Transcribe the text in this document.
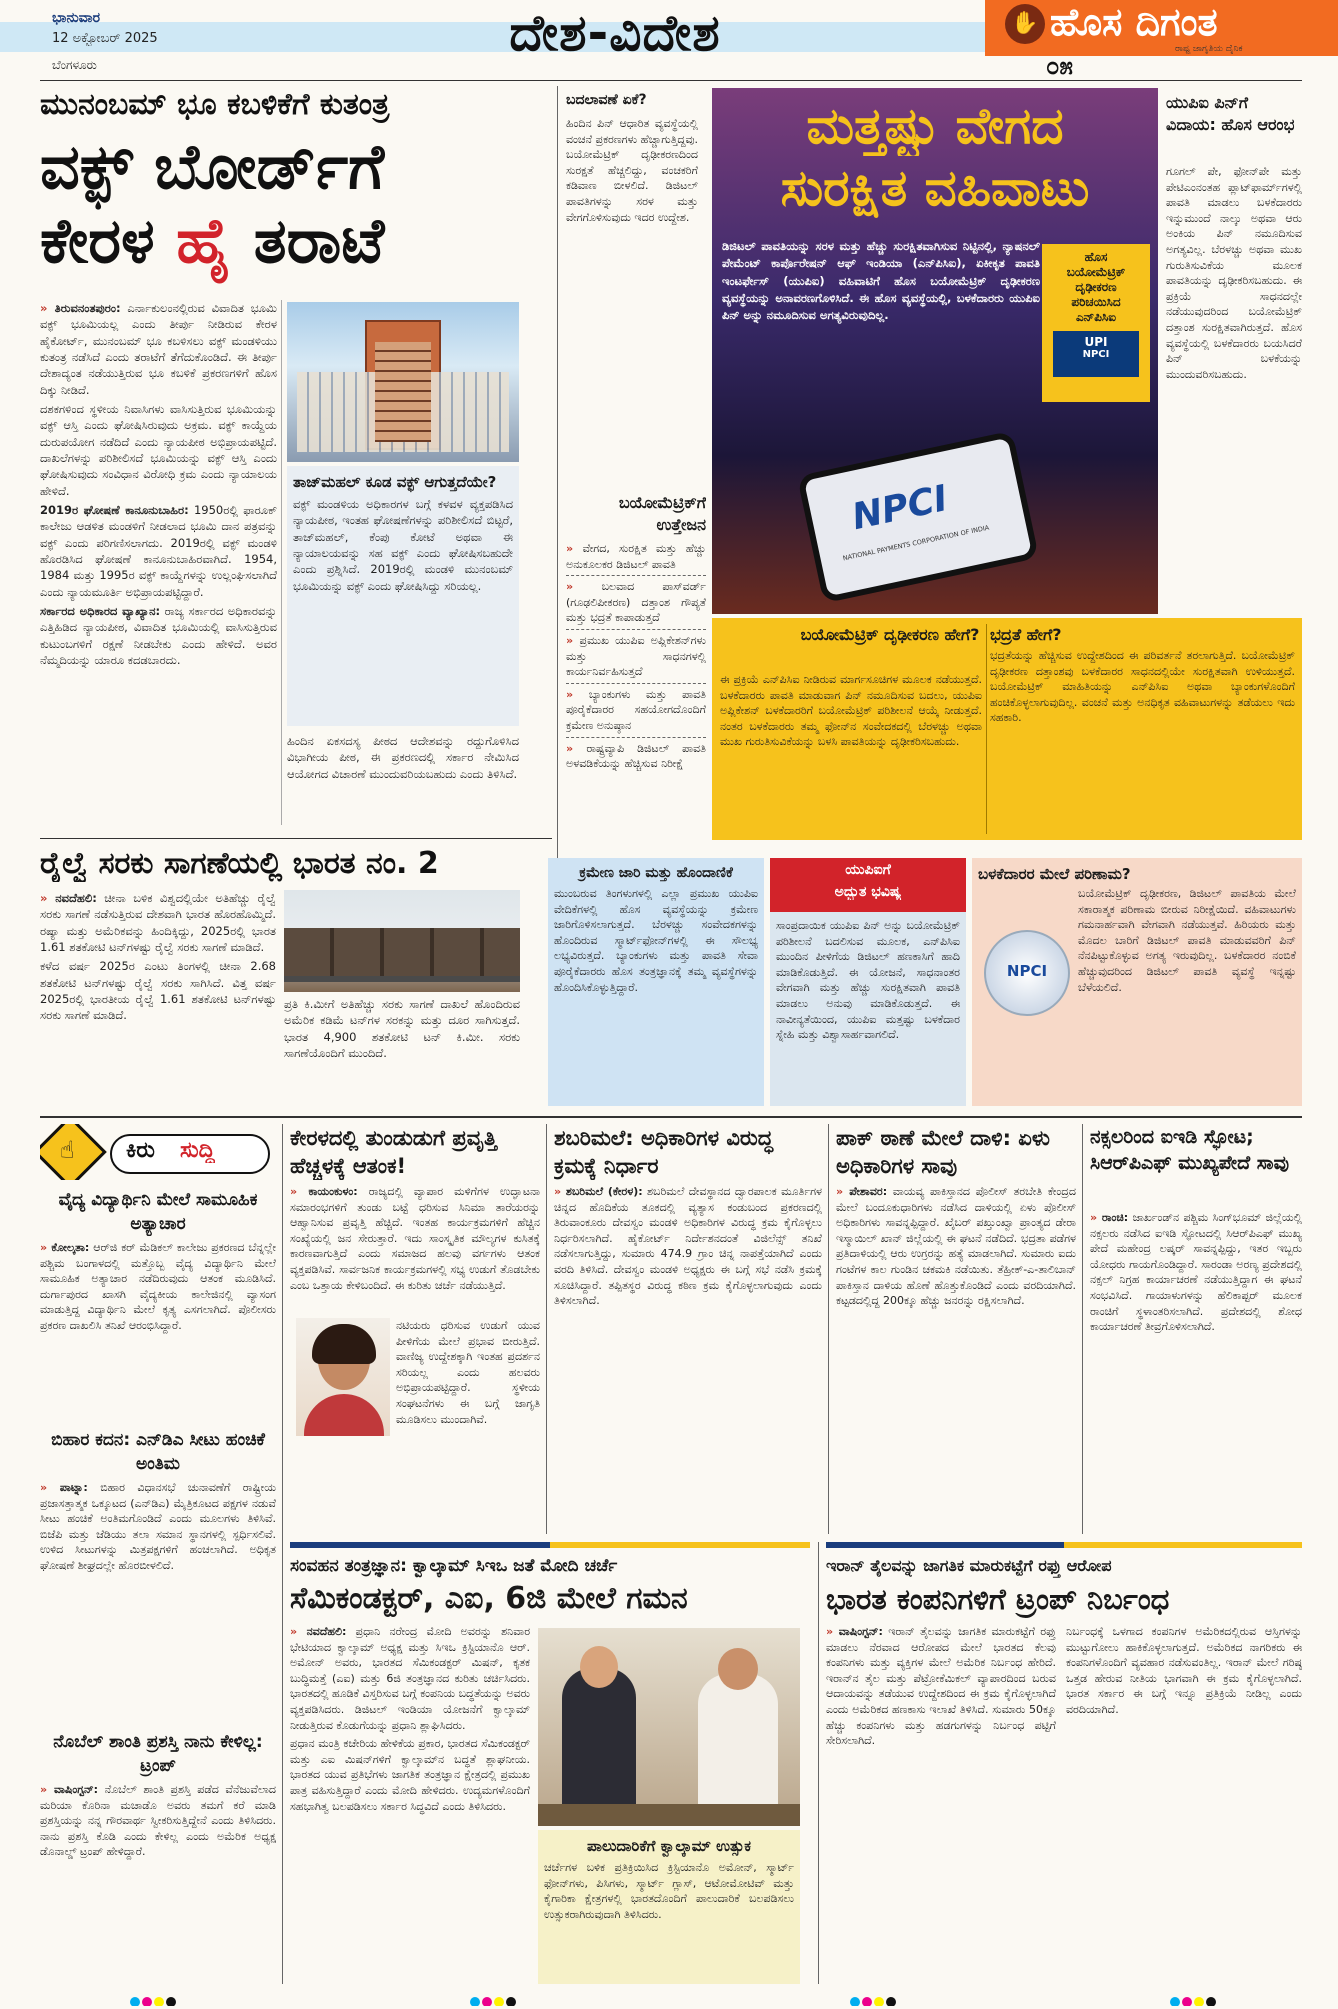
ಭಾನುವಾರ
12 ಅಕ್ಟೋಬರ್ 2025
ಬೆಂಗಳೂರು
ದೇಶ-ವಿದೇಶ	✋ ಹೊಸ ದಿಗಂತ
ರಾಷ್ಟ್ರ ಜಾಗೃತಿಯ ದೈನಿಕ
೦೫
ಮುನಂಬಮ್ ಭೂ ಕಬಳಿಕೆಗೆ ಕುತಂತ್ರ
ವಕ್ಫ್ ಬೋರ್ಡ್‌ಗೆ
ಕೇರಳ ಹೈ ತರಾಟೆ

» ತಿರುವನಂತಪುರಂ: ಎರ್ನಾಕುಲಂನಲ್ಲಿರುವ ವಿವಾದಿತ ಭೂಮಿ ವಕ್ಫ್ ಭೂಮಿಯಲ್ಲ ಎಂದು ತೀರ್ಪು ನೀಡಿರುವ ಕೇರಳ ಹೈಕೋರ್ಟ್, ಮುನಂಬಮ್ ಭೂ ಕಬಳಿಸಲು ವಕ್ಫ್ ಮಂಡಳಿಯು ಕುತಂತ್ರ ನಡೆಸಿದೆ ಎಂದು ತರಾಟೆಗೆ ತೆಗೆದುಕೊಂಡಿದೆ. ಈ ತೀರ್ಪು ದೇಶಾದ್ಯಂತ ನಡೆಯುತ್ತಿರುವ ಭೂ ಕಬಳಿಕೆ ಪ್ರಕರಣಗಳಿಗೆ ಹೊಸ ದಿಕ್ಕು ನೀಡಿದೆ.

ದಶಕಗಳಿಂದ ಸ್ಥಳೀಯ ನಿವಾಸಿಗಳು ವಾಸಿಸುತ್ತಿರುವ ಭೂಮಿಯನ್ನು ವಕ್ಫ್ ಆಸ್ತಿ ಎಂದು ಘೋಷಿಸಿರುವುದು ಅಕ್ರಮ. ವಕ್ಫ್ ಕಾಯ್ದೆಯ ದುರುಪಯೋಗ ನಡೆದಿದೆ ಎಂದು ನ್ಯಾಯಪೀಠ ಅಭಿಪ್ರಾಯಪಟ್ಟಿದೆ. ದಾಖಲೆಗಳನ್ನು ಪರಿಶೀಲಿಸದೆ ಭೂಮಿಯನ್ನು ವಕ್ಫ್ ಆಸ್ತಿ ಎಂದು ಘೋಷಿಸುವುದು ಸಂವಿಧಾನ ವಿರೋಧಿ ಕ್ರಮ ಎಂದು ನ್ಯಾಯಾಲಯ ಹೇಳಿದೆ.

2019ರ ಘೋಷಣೆ ಕಾನೂನುಬಾಹಿರ: 1950ರಲ್ಲಿ ಫಾರೂಕ್ ಕಾಲೇಜು ಆಡಳಿತ ಮಂಡಳಿಗೆ ನೀಡಲಾದ ಭೂಮಿ ದಾನ ಪತ್ರವನ್ನು ವಕ್ಫ್ ಎಂದು ಪರಿಗಣಿಸಲಾಗದು. 2019ರಲ್ಲಿ ವಕ್ಫ್ ಮಂಡಳಿ ಹೊರಡಿಸಿದ ಘೋಷಣೆ ಕಾನೂನುಬಾಹಿರವಾಗಿದೆ. 1954, 1984 ಮತ್ತು 1995ರ ವಕ್ಫ್ ಕಾಯ್ದೆಗಳನ್ನು ಉಲ್ಲಂಘಿಸಲಾಗಿದೆ ಎಂದು ನ್ಯಾಯಮೂರ್ತಿ ಅಭಿಪ್ರಾಯಪಟ್ಟಿದ್ದಾರೆ.

ಸರ್ಕಾರದ ಅಧಿಕಾರದ ವ್ಯಾಖ್ಯಾನ: ರಾಜ್ಯ ಸರ್ಕಾರದ ಅಧಿಕಾರವನ್ನು ಎತ್ತಿಹಿಡಿದ ನ್ಯಾಯಪೀಠ, ವಿವಾದಿತ ಭೂಮಿಯಲ್ಲಿ ವಾಸಿಸುತ್ತಿರುವ ಕುಟುಂಬಗಳಿಗೆ ರಕ್ಷಣೆ ನೀಡಬೇಕು ಎಂದು ಹೇಳಿದೆ. ಅವರ ನೆಮ್ಮದಿಯನ್ನು ಯಾರೂ ಕದಡಬಾರದು.

ತಾಜ್‌ಮಹಲ್ ಕೂಡ ವಕ್ಫ್ ಆಗುತ್ತದೆಯೇ?
ವಕ್ಫ್ ಮಂಡಳಿಯ ಅಧಿಕಾರಗಳ ಬಗ್ಗೆ ಕಳವಳ ವ್ಯಕ್ತಪಡಿಸಿದ ನ್ಯಾಯಪೀಠ, ಇಂತಹ ಘೋಷಣೆಗಳನ್ನು ಪರಿಶೀಲಿಸದೆ ಬಿಟ್ಟರೆ, ತಾಜ್‌ಮಹಲ್, ಕೆಂಪು ಕೋಟೆ ಅಥವಾ ಈ ನ್ಯಾಯಾಲಯವನ್ನು ಸಹ ವಕ್ಫ್ ಎಂದು ಘೋಷಿಸಬಹುದೇ ಎಂದು ಪ್ರಶ್ನಿಸಿದೆ. 2019ರಲ್ಲಿ ಮಂಡಳಿ ಮುನಂಬಮ್ ಭೂಮಿಯನ್ನು ವಕ್ಫ್ ಎಂದು ಘೋಷಿಸಿದ್ದು ಸರಿಯಲ್ಲ.
ಹಿಂದಿನ ಏಕಸದಸ್ಯ ಪೀಠದ ಆದೇಶವನ್ನು ರದ್ದುಗೊಳಿಸಿದ ವಿಭಾಗೀಯ ಪೀಠ, ಈ ಪ್ರಕರಣದಲ್ಲಿ ಸರ್ಕಾರ ನೇಮಿಸಿದ ಆಯೋಗದ ವಿಚಾರಣೆ ಮುಂದುವರಿಯಬಹುದು ಎಂದು ತಿಳಿಸಿದೆ.
ರೈಲ್ವೆ ಸರಕು ಸಾಗಣೆಯಲ್ಲಿ ಭಾರತ ನಂ. 2

» ನವದೆಹಲಿ: ಚೀನಾ ಬಳಿಕ ವಿಶ್ವದಲ್ಲಿಯೇ ಅತಿಹೆಚ್ಚು ರೈಲ್ವೆ ಸರಕು ಸಾಗಣೆ ನಡೆಸುತ್ತಿರುವ ದೇಶವಾಗಿ ಭಾರತ ಹೊರಹೊಮ್ಮಿದೆ. ರಷ್ಯಾ ಮತ್ತು ಅಮೆರಿಕವನ್ನು ಹಿಂದಿಕ್ಕಿದ್ದು, 2025ರಲ್ಲಿ ಭಾರತ 1.61 ಶತಕೋಟಿ ಟನ್‌ಗಳಷ್ಟು ರೈಲ್ವೆ ಸರಕು ಸಾಗಣೆ ಮಾಡಿದೆ.

ಕಳೆದ ವರ್ಷ 2025ರ ಎಂಟು ತಿಂಗಳಲ್ಲಿ ಚೀನಾ 2.68 ಶತಕೋಟಿ ಟನ್‌ಗಳಷ್ಟು ರೈಲ್ವೆ ಸರಕು ಸಾಗಿಸಿದೆ. ವಿತ್ತ ವರ್ಷ 2025ರಲ್ಲಿ ಭಾರತೀಯ ರೈಲ್ವೆ 1.61 ಶತಕೋಟಿ ಟನ್‌ಗಳಷ್ಟು ಸರಕು ಸಾಗಣೆ ಮಾಡಿದೆ.

ಪ್ರತಿ ಕಿ.ಮೀಗೆ ಅತಿಹೆಚ್ಚು ಸರಕು ಸಾಗಣೆ ದಾಖಲೆ ಹೊಂದಿರುವ ಅಮೆರಿಕ ಕಡಿಮೆ ಟನ್‌ಗಳ ಸರಕನ್ನು ಮತ್ತು ದೂರ ಸಾಗಿಸುತ್ತದೆ. ಭಾರತ 4,900 ಶತಕೋಟಿ ಟನ್ ಕಿ.ಮೀ. ಸರಕು ಸಾಗಣೆಯೊಂದಿಗೆ ಮುಂದಿದೆ.
ಬದಲಾವಣೆ ಏಕೆ?
ಹಿಂದಿನ ಪಿನ್ ಆಧಾರಿತ ವ್ಯವಸ್ಥೆಯಲ್ಲಿ ವಂಚನೆ ಪ್ರಕರಣಗಳು ಹೆಚ್ಚಾಗುತ್ತಿದ್ದವು. ಬಯೋಮೆಟ್ರಿಕ್ ದೃಢೀಕರಣದಿಂದ ಸುರಕ್ಷತೆ ಹೆಚ್ಚಲಿದ್ದು, ವಂಚಕರಿಗೆ ಕಡಿವಾಣ ಬೀಳಲಿದೆ. ಡಿಜಿಟಲ್ ಪಾವತಿಗಳನ್ನು ಸರಳ ಮತ್ತು ವೇಗಗೊಳಿಸುವುದು ಇದರ ಉದ್ದೇಶ.
ಮತ್ತಷ್ಟು ವೇಗದ
ಸುರಕ್ಷಿತ ವಹಿವಾಟು
ಡಿಜಿಟಲ್ ಪಾವತಿಯನ್ನು ಸರಳ ಮತ್ತು ಹೆಚ್ಚು ಸುರಕ್ಷಿತವಾಗಿಸುವ ನಿಟ್ಟಿನಲ್ಲಿ, ನ್ಯಾಷನಲ್ ಪೇಮೆಂಟ್ ಕಾರ್ಪೊರೇಷನ್ ಆಫ್ ಇಂಡಿಯಾ (ಎನ್‌ಪಿಸಿಐ), ಏಕೀಕೃತ ಪಾವತಿ ಇಂಟರ್ಫೇಸ್ (ಯುಪಿಐ) ವಹಿವಾಟಿಗೆ ಹೊಸ ಬಯೋಮೆಟ್ರಿಕ್ ದೃಢೀಕರಣ ವ್ಯವಸ್ಥೆಯನ್ನು ಅನಾವರಣಗೊಳಿಸಿದೆ. ಈ ಹೊಸ ವ್ಯವಸ್ಥೆಯಲ್ಲಿ, ಬಳಕೆದಾರರು ಯುಪಿಐ ಪಿನ್ ಅನ್ನು ನಮೂದಿಸುವ ಅಗತ್ಯವಿರುವುದಿಲ್ಲ.
ಹೊಸ
ಬಯೋಮೆಟ್ರಿಕ್
ದೃಢೀಕರಣ
ಪರಿಚಯಿಸಿದ
ಎನ್‌ಪಿಸಿಐ
UPI
NPCI
NPCI
NATIONAL PAYMENTS CORPORATION OF INDIA
ಯುಪಿಐ ಪಿನ್‌ಗೆ ವಿದಾಯ: ಹೊಸ ಆರಂಭ
ಗೂಗಲ್ ಪೇ, ಫೋನ್‌ಪೇ ಮತ್ತು ಪೇಟಿಎಂನಂತಹ ಪ್ಲಾಟ್‌ಫಾರ್ಮ್‌ಗಳಲ್ಲಿ ಪಾವತಿ ಮಾಡಲು ಬಳಕೆದಾರರು ಇನ್ನುಮುಂದೆ ನಾಲ್ಕು ಅಥವಾ ಆರು ಅಂಕಿಯ ಪಿನ್ ನಮೂದಿಸುವ ಅಗತ್ಯವಿಲ್ಲ. ಬೆರಳಚ್ಚು ಅಥವಾ ಮುಖ ಗುರುತಿಸುವಿಕೆಯ ಮೂಲಕ ಪಾವತಿಯನ್ನು ದೃಢೀಕರಿಸಬಹುದು. ಈ ಪ್ರಕ್ರಿಯೆ ಸಾಧನದಲ್ಲೇ ನಡೆಯುವುದರಿಂದ ಬಯೋಮೆಟ್ರಿಕ್ ದತ್ತಾಂಶ ಸುರಕ್ಷಿತವಾಗಿರುತ್ತದೆ. ಹೊಸ ವ್ಯವಸ್ಥೆಯಲ್ಲಿ ಬಳಕೆದಾರರು ಬಯಸಿದರೆ ಪಿನ್ ಬಳಕೆಯನ್ನು ಮುಂದುವರಿಸಬಹುದು.
ಬಯೋಮೆಟ್ರಿಕ್‌ಗೆ ಉತ್ತೇಜನ
» ವೇಗದ, ಸುರಕ್ಷಿತ ಮತ್ತು ಹೆಚ್ಚು ಅನುಕೂಲಕರ ಡಿಜಿಟಲ್ ಪಾವತಿ
» ಬಲವಾದ ಪಾಸ್‌ವರ್ಡ್ (ಗೂಢಲಿಪೀಕರಣ) ದತ್ತಾಂಶ ಗೌಪ್ಯತೆ ಮತ್ತು ಭದ್ರತೆ ಕಾಪಾಡುತ್ತದೆ
» ಪ್ರಮುಖ ಯುಪಿಐ ಅಪ್ಲಿಕೇಶನ್‌ಗಳು ಮತ್ತು ಸಾಧನಗಳಲ್ಲಿ ಕಾರ್ಯನಿರ್ವಹಿಸುತ್ತದೆ
» ಬ್ಯಾಂಕುಗಳು ಮತ್ತು ಪಾವತಿ ಪೂರೈಕೆದಾರರ ಸಹಯೋಗದೊಂದಿಗೆ ಕ್ರಮೇಣ ಅನುಷ್ಠಾನ
» ರಾಷ್ಟ್ರವ್ಯಾಪಿ ಡಿಜಿಟಲ್ ಪಾವತಿ ಅಳವಡಿಕೆಯನ್ನು ಹೆಚ್ಚಿಸುವ ನಿರೀಕ್ಷೆ
ಬಯೋಮೆಟ್ರಿಕ್ ದೃಢೀಕರಣ ಹೇಗೆ?
ಈ ಪ್ರಕ್ರಿಯೆ ಎನ್‌ಪಿಸಿಐ ನೀಡಿರುವ ಮಾರ್ಗಸೂಚಿಗಳ ಮೂಲಕ ನಡೆಯುತ್ತದೆ. ಬಳಕೆದಾರರು ಪಾವತಿ ಮಾಡುವಾಗ ಪಿನ್ ನಮೂದಿಸುವ ಬದಲು, ಯುಪಿಐ ಅಪ್ಲಿಕೇಶನ್ ಬಳಕೆದಾರರಿಗೆ ಬಯೋಮೆಟ್ರಿಕ್ ಪರಿಶೀಲನೆ ಆಯ್ಕೆ ನೀಡುತ್ತದೆ. ನಂತರ ಬಳಕೆದಾರರು ತಮ್ಮ ಫೋನ್‌ನ ಸಂವೇದಕದಲ್ಲಿ ಬೆರಳಚ್ಚು ಅಥವಾ ಮುಖ ಗುರುತಿಸುವಿಕೆಯನ್ನು ಬಳಸಿ ಪಾವತಿಯನ್ನು ದೃಢೀಕರಿಸಬಹುದು.
ಭದ್ರತೆ ಹೇಗೆ?
ಭದ್ರತೆಯನ್ನು ಹೆಚ್ಚಿಸುವ ಉದ್ದೇಶದಿಂದ ಈ ಪರಿವರ್ತನೆ ತರಲಾಗುತ್ತಿದೆ. ಬಯೋಮೆಟ್ರಿಕ್ ದೃಢೀಕರಣ ದತ್ತಾಂಶವು ಬಳಕೆದಾರರ ಸಾಧನದಲ್ಲಿಯೇ ಸುರಕ್ಷಿತವಾಗಿ ಉಳಿಯುತ್ತದೆ. ಬಯೋಮೆಟ್ರಿಕ್ ಮಾಹಿತಿಯನ್ನು ಎನ್‌ಪಿಸಿಐ ಅಥವಾ ಬ್ಯಾಂಕುಗಳೊಂದಿಗೆ ಹಂಚಿಕೊಳ್ಳಲಾಗುವುದಿಲ್ಲ. ವಂಚನೆ ಮತ್ತು ಅನಧಿಕೃತ ವಹಿವಾಟುಗಳನ್ನು ತಡೆಯಲು ಇದು ಸಹಕಾರಿ.
ಕ್ರಮೇಣ ಜಾರಿ ಮತ್ತು ಹೊಂದಾಣಿಕೆ
ಮುಂಬರುವ ತಿಂಗಳುಗಳಲ್ಲಿ ಎಲ್ಲಾ ಪ್ರಮುಖ ಯುಪಿಐ ವೇದಿಕೆಗಳಲ್ಲಿ ಹೊಸ ವ್ಯವಸ್ಥೆಯನ್ನು ಕ್ರಮೇಣ ಜಾರಿಗೊಳಿಸಲಾಗುತ್ತದೆ. ಬೆರಳಚ್ಚು ಸಂವೇದಕಗಳನ್ನು ಹೊಂದಿರುವ ಸ್ಮಾರ್ಟ್‌ಫೋನ್‌ಗಳಲ್ಲಿ ಈ ಸೌಲಭ್ಯ ಲಭ್ಯವಿರುತ್ತದೆ. ಬ್ಯಾಂಕುಗಳು ಮತ್ತು ಪಾವತಿ ಸೇವಾ ಪೂರೈಕೆದಾರರು ಹೊಸ ತಂತ್ರಜ್ಞಾನಕ್ಕೆ ತಮ್ಮ ವ್ಯವಸ್ಥೆಗಳನ್ನು ಹೊಂದಿಸಿಕೊಳ್ಳುತ್ತಿದ್ದಾರೆ.
ಯುಪಿಐಗೆ
ಅದ್ಭುತ ಭವಿಷ್ಯ
ಸಾಂಪ್ರದಾಯಿಕ ಯುಪಿಐ ಪಿನ್ ಅನ್ನು ಬಯೋಮೆಟ್ರಿಕ್ ಪರಿಶೀಲನೆ ಬದಲಿಸುವ ಮೂಲಕ, ಎನ್‌ಪಿಸಿಐ ಮುಂದಿನ ಪೀಳಿಗೆಯ ಡಿಜಿಟಲ್ ಹಣಕಾಸಿಗೆ ಹಾದಿ ಮಾಡಿಕೊಡುತ್ತಿದೆ. ಈ ಯೋಜನೆ, ಸಾಧನಾಂತರ ವೇಗವಾಗಿ ಮತ್ತು ಹೆಚ್ಚು ಸುರಕ್ಷಿತವಾಗಿ ಪಾವತಿ ಮಾಡಲು ಅನುವು ಮಾಡಿಕೊಡುತ್ತದೆ. ಈ ನಾವೀನ್ಯತೆಯಿಂದ, ಯುಪಿಐ ಮತ್ತಷ್ಟು ಬಳಕೆದಾರ ಸ್ನೇಹಿ ಮತ್ತು ವಿಶ್ವಾಸಾರ್ಹವಾಗಲಿದೆ.
ಬಳಕೆದಾರರ ಮೇಲೆ ಪರಿಣಾಮ?
NPCI
ಬಯೋಮೆಟ್ರಿಕ್ ದೃಢೀಕರಣ, ಡಿಜಿಟಲ್ ಪಾವತಿಯ ಮೇಲೆ ಸಕಾರಾತ್ಮಕ ಪರಿಣಾಮ ಬೀರುವ ನಿರೀಕ್ಷೆಯಿದೆ. ವಹಿವಾಟುಗಳು ಗಮನಾರ್ಹವಾಗಿ ವೇಗವಾಗಿ ನಡೆಯುತ್ತವೆ. ಹಿರಿಯರು ಮತ್ತು ಮೊದಲ ಬಾರಿಗೆ ಡಿಜಿಟಲ್ ಪಾವತಿ ಮಾಡುವವರಿಗೆ ಪಿನ್ ನೆನಪಿಟ್ಟುಕೊಳ್ಳುವ ಅಗತ್ಯ ಇರುವುದಿಲ್ಲ. ಬಳಕೆದಾರರ ನಂಬಿಕೆ ಹೆಚ್ಚುವುದರಿಂದ ಡಿಜಿಟಲ್ ಪಾವತಿ ವ್ಯವಸ್ಥೆ ಇನ್ನಷ್ಟು ಬೆಳೆಯಲಿದೆ.
☝ ಕಿರು ಸುದ್ದಿ
ವೈದ್ಯ ವಿದ್ಯಾರ್ಥಿನಿ ಮೇಲೆ ಸಾಮೂಹಿಕ ಅತ್ಯಾಚಾರ
» ಕೋಲ್ಕತಾ: ಆರ್‌ಜಿ ಕರ್ ಮೆಡಿಕಲ್ ಕಾಲೇಜು ಪ್ರಕರಣದ ಬೆನ್ನಲ್ಲೇ ಪಶ್ಚಿಮ ಬಂಗಾಳದಲ್ಲಿ ಮತ್ತೊಬ್ಬ ವೈದ್ಯ ವಿದ್ಯಾರ್ಥಿನಿ ಮೇಲೆ ಸಾಮೂಹಿಕ ಅತ್ಯಾಚಾರ ನಡೆದಿರುವುದು ಆತಂಕ ಮೂಡಿಸಿದೆ. ದುರ್ಗಾಪುರದ ಖಾಸಗಿ ವೈದ್ಯಕೀಯ ಕಾಲೇಜಿನಲ್ಲಿ ವ್ಯಾಸಂಗ ಮಾಡುತ್ತಿದ್ದ ವಿದ್ಯಾರ್ಥಿನಿ ಮೇಲೆ ಕೃತ್ಯ ಎಸಗಲಾಗಿದೆ. ಪೊಲೀಸರು ಪ್ರಕರಣ ದಾಖಲಿಸಿ ತನಿಖೆ ಆರಂಭಿಸಿದ್ದಾರೆ.
ಬಿಹಾರ ಕದನ: ಎನ್‌ಡಿಎ ಸೀಟು ಹಂಚಿಕೆ ಅಂತಿಮ
» ಪಾಟ್ನಾ: ಬಿಹಾರ ವಿಧಾನಸಭೆ ಚುನಾವಣೆಗೆ ರಾಷ್ಟ್ರೀಯ ಪ್ರಜಾಸತ್ತಾತ್ಮಕ ಒಕ್ಕೂಟದ (ಎನ್‌ಡಿಎ) ಮೈತ್ರಿಕೂಟದ ಪಕ್ಷಗಳ ನಡುವೆ ಸೀಟು ಹಂಚಿಕೆ ಅಂತಿಮಗೊಂಡಿದೆ ಎಂದು ಮೂಲಗಳು ತಿಳಿಸಿವೆ. ಬಿಜೆಪಿ ಮತ್ತು ಜೆಡಿಯು ತಲಾ ಸಮಾನ ಸ್ಥಾನಗಳಲ್ಲಿ ಸ್ಪರ್ಧಿಸಲಿವೆ. ಉಳಿದ ಸೀಟುಗಳನ್ನು ಮಿತ್ರಪಕ್ಷಗಳಿಗೆ ಹಂಚಲಾಗಿದೆ. ಅಧಿಕೃತ ಘೋಷಣೆ ಶೀಘ್ರದಲ್ಲೇ ಹೊರಬೀಳಲಿದೆ.
ನೊಬೆಲ್ ಶಾಂತಿ ಪ್ರಶಸ್ತಿ ನಾನು ಕೇಳಿಲ್ಲ: ಟ್ರಂಪ್
» ವಾಷಿಂಗ್ಟನ್: ನೊಬೆಲ್ ಶಾಂತಿ ಪ್ರಶಸ್ತಿ ಪಡೆದ ವೆನೆಜುವೆಲಾದ ಮರಿಯಾ ಕೊರಿನಾ ಮಚಾಡೊ ಅವರು ತಮಗೆ ಕರೆ ಮಾಡಿ ಪ್ರಶಸ್ತಿಯನ್ನು ನನ್ನ ಗೌರವಾರ್ಥ ಸ್ವೀಕರಿಸುತ್ತಿದ್ದೇನೆ ಎಂದು ತಿಳಿಸಿದರು. ನಾನು ಪ್ರಶಸ್ತಿ ಕೊಡಿ ಎಂದು ಕೇಳಿಲ್ಲ ಎಂದು ಅಮೆರಿಕ ಅಧ್ಯಕ್ಷ ಡೊನಾಲ್ಡ್ ಟ್ರಂಪ್ ಹೇಳಿದ್ದಾರೆ.
ಕೇರಳದಲ್ಲಿ ತುಂಡುಡುಗೆ ಪ್ರವೃತ್ತಿ ಹೆಚ್ಚಳಕ್ಕೆ ಆತಂಕ!
» ಕಾಯಂಕುಳಂ: ರಾಜ್ಯದಲ್ಲಿ ವ್ಯಾಪಾರ ಮಳಿಗೆಗಳ ಉದ್ಘಾಟನಾ ಸಮಾರಂಭಗಳಿಗೆ ತುಂಡು ಬಟ್ಟೆ ಧರಿಸುವ ಸಿನಿಮಾ ತಾರೆಯರನ್ನು ಆಹ್ವಾನಿಸುವ ಪ್ರವೃತ್ತಿ ಹೆಚ್ಚಿದೆ. ಇಂತಹ ಕಾರ್ಯಕ್ರಮಗಳಿಗೆ ಹೆಚ್ಚಿನ ಸಂಖ್ಯೆಯಲ್ಲಿ ಜನ ಸೇರುತ್ತಾರೆ. ಇದು ಸಾಂಸ್ಕೃತಿಕ ಮೌಲ್ಯಗಳ ಕುಸಿತಕ್ಕೆ ಕಾರಣವಾಗುತ್ತಿದೆ ಎಂದು ಸಮಾಜದ ಹಲವು ವರ್ಗಗಳು ಆತಂಕ ವ್ಯಕ್ತಪಡಿಸಿವೆ. ಸಾರ್ವಜನಿಕ ಕಾರ್ಯಕ್ರಮಗಳಲ್ಲಿ ಸಭ್ಯ ಉಡುಗೆ ತೊಡಬೇಕು ಎಂಬ ಒತ್ತಾಯ ಕೇಳಿಬಂದಿದೆ. ಈ ಕುರಿತು ಚರ್ಚೆ ನಡೆಯುತ್ತಿದೆ.
ನಟಿಯರು ಧರಿಸುವ ಉಡುಗೆ ಯುವ ಪೀಳಿಗೆಯ ಮೇಲೆ ಪ್ರಭಾವ ಬೀರುತ್ತಿದೆ. ವಾಣಿಜ್ಯ ಉದ್ದೇಶಕ್ಕಾಗಿ ಇಂತಹ ಪ್ರದರ್ಶನ ಸರಿಯಲ್ಲ ಎಂದು ಹಲವರು ಅಭಿಪ್ರಾಯಪಟ್ಟಿದ್ದಾರೆ. ಸ್ಥಳೀಯ ಸಂಘಟನೆಗಳು ಈ ಬಗ್ಗೆ ಜಾಗೃತಿ ಮೂಡಿಸಲು ಮುಂದಾಗಿವೆ.
ಶಬರಿಮಲೆ: ಅಧಿಕಾರಿಗಳ ವಿರುದ್ಧ ಕ್ರಮಕ್ಕೆ ನಿರ್ಧಾರ
» ಶಬರಿಮಲೆ (ಕೇರಳ): ಶಬರಿಮಲೆ ದೇವಸ್ಥಾನದ ದ್ವಾರಪಾಲಕ ಮೂರ್ತಿಗಳ ಚಿನ್ನದ ಹೊದಿಕೆಯ ತೂಕದಲ್ಲಿ ವ್ಯತ್ಯಾಸ ಕಂಡುಬಂದ ಪ್ರಕರಣದಲ್ಲಿ ತಿರುವಾಂಕೂರು ದೇವಸ್ವಂ ಮಂಡಳಿ ಅಧಿಕಾರಿಗಳ ವಿರುದ್ಧ ಕ್ರಮ ಕೈಗೊಳ್ಳಲು ನಿರ್ಧರಿಸಲಾಗಿದೆ. ಹೈಕೋರ್ಟ್ ನಿರ್ದೇಶನದಂತೆ ವಿಜಿಲೆನ್ಸ್ ತನಿಖೆ ನಡೆಸಲಾಗುತ್ತಿದ್ದು, ಸುಮಾರು 474.9 ಗ್ರಾಂ ಚಿನ್ನ ನಾಪತ್ತೆಯಾಗಿದೆ ಎಂದು ವರದಿ ತಿಳಿಸಿದೆ. ದೇವಸ್ವಂ ಮಂಡಳಿ ಅಧ್ಯಕ್ಷರು ಈ ಬಗ್ಗೆ ಸಭೆ ನಡೆಸಿ ಕ್ರಮಕ್ಕೆ ಸೂಚಿಸಿದ್ದಾರೆ. ತಪ್ಪಿತಸ್ಥರ ವಿರುದ್ಧ ಕಠಿಣ ಕ್ರಮ ಕೈಗೊಳ್ಳಲಾಗುವುದು ಎಂದು ತಿಳಿಸಲಾಗಿದೆ.
ಪಾಕ್ ಠಾಣೆ ಮೇಲೆ ದಾಳಿ: ಏಳು ಅಧಿಕಾರಿಗಳ ಸಾವು
» ಪೇಶಾವರ: ವಾಯವ್ಯ ಪಾಕಿಸ್ತಾನದ ಪೊಲೀಸ್ ತರಬೇತಿ ಕೇಂದ್ರದ ಮೇಲೆ ಬಂದೂಕುಧಾರಿಗಳು ನಡೆಸಿದ ದಾಳಿಯಲ್ಲಿ ಏಳು ಪೊಲೀಸ್ ಅಧಿಕಾರಿಗಳು ಸಾವನ್ನಪ್ಪಿದ್ದಾರೆ. ಖೈಬರ್ ಪಖ್ತುಂಖ್ವಾ ಪ್ರಾಂತ್ಯದ ಡೇರಾ ಇಸ್ಮಾಯಿಲ್ ಖಾನ್ ಜಿಲ್ಲೆಯಲ್ಲಿ ಈ ಘಟನೆ ನಡೆದಿದೆ. ಭದ್ರತಾ ಪಡೆಗಳ ಪ್ರತಿದಾಳಿಯಲ್ಲಿ ಆರು ಉಗ್ರರನ್ನು ಹತ್ಯೆ ಮಾಡಲಾಗಿದೆ. ಸುಮಾರು ಐದು ಗಂಟೆಗಳ ಕಾಲ ಗುಂಡಿನ ಚಕಮಕಿ ನಡೆಯಿತು. ತೆಹ್ರೀಕ್-ಎ-ತಾಲಿಬಾನ್ ಪಾಕಿಸ್ತಾನ ದಾಳಿಯ ಹೊಣೆ ಹೊತ್ತುಕೊಂಡಿದೆ ಎಂದು ವರದಿಯಾಗಿದೆ. ಕಟ್ಟಡದಲ್ಲಿದ್ದ 200ಕ್ಕೂ ಹೆಚ್ಚು ಜನರನ್ನು ರಕ್ಷಿಸಲಾಗಿದೆ.
ನಕ್ಸಲರಿಂದ ಐಇಡಿ ಸ್ಫೋಟ; ಸಿಆರ್‌ಪಿಎಫ್ ಮುಖ್ಯಪೇದೆ ಸಾವು
» ರಾಂಚಿ: ಜಾರ್ಖಂಡ್‌ನ ಪಶ್ಚಿಮ ಸಿಂಗ್‌ಭೂಮ್ ಜಿಲ್ಲೆಯಲ್ಲಿ ನಕ್ಸಲರು ನಡೆಸಿದ ಐಇಡಿ ಸ್ಫೋಟದಲ್ಲಿ ಸಿಆರ್‌ಪಿಎಫ್ ಮುಖ್ಯ ಪೇದೆ ಮಹೇಂದ್ರ ಲಷ್ಕರ್ ಸಾವನ್ನಪ್ಪಿದ್ದು, ಇತರ ಇಬ್ಬರು ಯೋಧರು ಗಾಯಗೊಂಡಿದ್ದಾರೆ. ಸಾರಂಡಾ ಅರಣ್ಯ ಪ್ರದೇಶದಲ್ಲಿ ನಕ್ಸಲ್ ನಿಗ್ರಹ ಕಾರ್ಯಾಚರಣೆ ನಡೆಯುತ್ತಿದ್ದಾಗ ಈ ಘಟನೆ ಸಂಭವಿಸಿದೆ. ಗಾಯಾಳುಗಳನ್ನು ಹೆಲಿಕಾಪ್ಟರ್ ಮೂಲಕ ರಾಂಚಿಗೆ ಸ್ಥಳಾಂತರಿಸಲಾಗಿದೆ. ಪ್ರದೇಶದಲ್ಲಿ ಶೋಧ ಕಾರ್ಯಾಚರಣೆ ತೀವ್ರಗೊಳಿಸಲಾಗಿದೆ.
ಸಂವಹನ ತಂತ್ರಜ್ಞಾನ: ಕ್ವಾಲ್ಕಾಮ್ ಸಿಇಒ ಜತೆ ಮೋದಿ ಚರ್ಚೆ
ಸೆಮಿಕಂಡಕ್ಟರ್, ಎಐ, 6ಜಿ ಮೇಲೆ ಗಮನ

» ನವದೆಹಲಿ: ಪ್ರಧಾನಿ ನರೇಂದ್ರ ಮೋದಿ ಅವರನ್ನು ಶನಿವಾರ ಭೇಟಿಯಾದ ಕ್ವಾಲ್ಕಾಮ್ ಅಧ್ಯಕ್ಷ ಮತ್ತು ಸಿಇಒ ಕ್ರಿಸ್ಟಿಯಾನೊ ಆರ್. ಅಮೋನ್ ಅವರು, ಭಾರತದ ಸೆಮಿಕಂಡಕ್ಟರ್ ಮಿಷನ್, ಕೃತಕ ಬುದ್ಧಿಮತ್ತೆ (ಎಐ) ಮತ್ತು 6ಜಿ ತಂತ್ರಜ್ಞಾನದ ಕುರಿತು ಚರ್ಚಿಸಿದರು. ಭಾರತದಲ್ಲಿ ಹೂಡಿಕೆ ವಿಸ್ತರಿಸುವ ಬಗ್ಗೆ ಕಂಪನಿಯ ಬದ್ಧತೆಯನ್ನು ಅವರು ವ್ಯಕ್ತಪಡಿಸಿದರು. ಡಿಜಿಟಲ್ ಇಂಡಿಯಾ ಯೋಜನೆಗೆ ಕ್ವಾಲ್ಕಾಮ್ ನೀಡುತ್ತಿರುವ ಕೊಡುಗೆಯನ್ನು ಪ್ರಧಾನಿ ಶ್ಲಾಘಿಸಿದರು.

ಪ್ರಧಾನ ಮಂತ್ರಿ ಕಚೇರಿಯ ಹೇಳಿಕೆಯ ಪ್ರಕಾರ, ಭಾರತದ ಸೆಮಿಕಂಡಕ್ಟರ್ ಮತ್ತು ಎಐ ಮಿಷನ್‌ಗಳಿಗೆ ಕ್ವಾಲ್ಕಾಮ್‌ನ ಬದ್ಧತೆ ಶ್ಲಾಘನೀಯ. ಭಾರತದ ಯುವ ಪ್ರತಿಭೆಗಳು ಜಾಗತಿಕ ತಂತ್ರಜ್ಞಾನ ಕ್ಷೇತ್ರದಲ್ಲಿ ಪ್ರಮುಖ ಪಾತ್ರ ವಹಿಸುತ್ತಿದ್ದಾರೆ ಎಂದು ಮೋದಿ ಹೇಳಿದರು. ಉದ್ಯಮಗಳೊಂದಿಗೆ ಸಹಭಾಗಿತ್ವ ಬಲಪಡಿಸಲು ಸರ್ಕಾರ ಸಿದ್ಧವಿದೆ ಎಂದು ತಿಳಿಸಿದರು.

ಪಾಲುದಾರಿಕೆಗೆ ಕ್ವಾಲ್ಕಾಮ್ ಉತ್ಸುಕ
ಚರ್ಚೆಗಳ ಬಳಿಕ ಪ್ರತಿಕ್ರಿಯಿಸಿದ ಕ್ರಿಸ್ಟಿಯಾನೊ ಅಮೋನ್, ಸ್ಮಾರ್ಟ್ ಫೋನ್‌ಗಳು, ಪಿಸಿಗಳು, ಸ್ಮಾರ್ಟ್ ಗ್ಲಾಸ್, ಆಟೋಮೋಟಿವ್ ಮತ್ತು ಕೈಗಾರಿಕಾ ಕ್ಷೇತ್ರಗಳಲ್ಲಿ ಭಾರತದೊಂದಿಗೆ ಪಾಲುದಾರಿಕೆ ಬಲಪಡಿಸಲು ಉತ್ಸುಕರಾಗಿರುವುದಾಗಿ ತಿಳಿಸಿದರು.
ಇರಾನ್ ತೈಲವನ್ನು ಜಾಗತಿಕ ಮಾರುಕಟ್ಟೆಗೆ ರಫ್ತು ಆರೋಪ
ಭಾರತ ಕಂಪನಿಗಳಿಗೆ ಟ್ರಂಪ್ ನಿರ್ಬಂಧ
» ವಾಷಿಂಗ್ಟನ್: ಇರಾನ್ ತೈಲವನ್ನು ಜಾಗತಿಕ ಮಾರುಕಟ್ಟೆಗೆ ರಫ್ತು ಮಾಡಲು ನೆರವಾದ ಆರೋಪದ ಮೇಲೆ ಭಾರತದ ಕೆಲವು ಕಂಪನಿಗಳು ಮತ್ತು ವ್ಯಕ್ತಿಗಳ ಮೇಲೆ ಅಮೆರಿಕ ನಿರ್ಬಂಧ ಹೇರಿದೆ. ಇರಾನ್‌ನ ತೈಲ ಮತ್ತು ಪೆಟ್ರೋಕೆಮಿಕಲ್ ವ್ಯಾಪಾರದಿಂದ ಬರುವ ಆದಾಯವನ್ನು ತಡೆಯುವ ಉದ್ದೇಶದಿಂದ ಈ ಕ್ರಮ ಕೈಗೊಳ್ಳಲಾಗಿದೆ ಎಂದು ಅಮೆರಿಕದ ಹಣಕಾಸು ಇಲಾಖೆ ತಿಳಿಸಿದೆ. ಸುಮಾರು 50ಕ್ಕೂ ಹೆಚ್ಚು ಕಂಪನಿಗಳು ಮತ್ತು ಹಡಗುಗಳನ್ನು ನಿರ್ಬಂಧ ಪಟ್ಟಿಗೆ ಸೇರಿಸಲಾಗಿದೆ.
ನಿರ್ಬಂಧಕ್ಕೆ ಒಳಗಾದ ಕಂಪನಿಗಳ ಅಮೆರಿಕದಲ್ಲಿರುವ ಆಸ್ತಿಗಳನ್ನು ಮುಟ್ಟುಗೋಲು ಹಾಕಿಕೊಳ್ಳಲಾಗುತ್ತದೆ. ಅಮೆರಿಕದ ನಾಗರಿಕರು ಈ ಕಂಪನಿಗಳೊಂದಿಗೆ ವ್ಯವಹಾರ ನಡೆಸುವಂತಿಲ್ಲ. ಇರಾನ್ ಮೇಲೆ ಗರಿಷ್ಠ ಒತ್ತಡ ಹೇರುವ ನೀತಿಯ ಭಾಗವಾಗಿ ಈ ಕ್ರಮ ಕೈಗೊಳ್ಳಲಾಗಿದೆ. ಭಾರತ ಸರ್ಕಾರ ಈ ಬಗ್ಗೆ ಇನ್ನೂ ಪ್ರತಿಕ್ರಿಯೆ ನೀಡಿಲ್ಲ ಎಂದು ವರದಿಯಾಗಿದೆ.
